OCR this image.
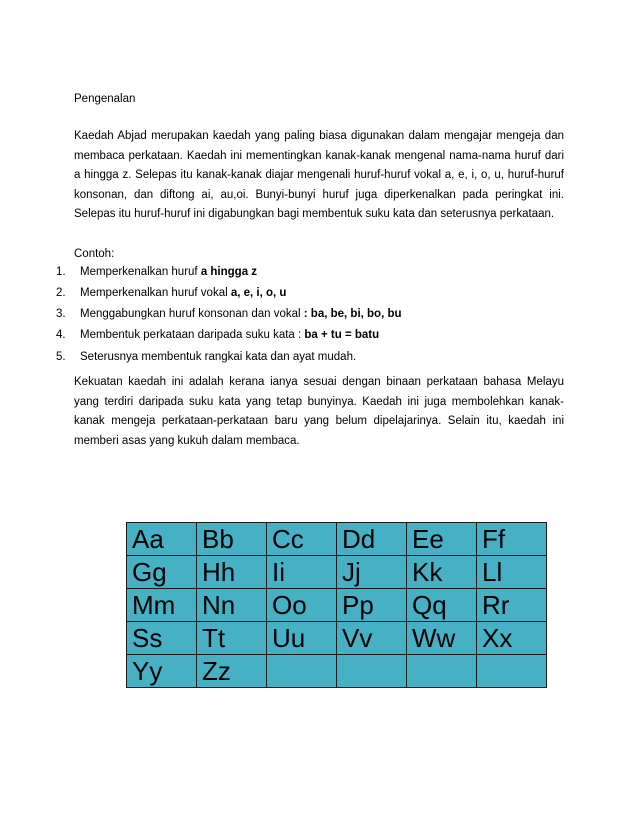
Pengenalan

Kaedah Abjad merupakan kaedah yang paling biasa digunakan dalam mengajar mengeja dan membaca perkataan. Kaedah ini mementingkan kanak-kanak mengenal nama-nama huruf dari a hingga z. Selepas itu kanak-kanak diajar mengenali huruf-huruf vokal a, e, i, o, u, huruf-huruf konsonan, dan diftong ai, au,oi. Bunyi-bunyi huruf juga diperkenalkan pada peringkat ini. Selepas itu huruf-huruf ini digabungkan bagi membentuk suku kata dan seterusnya perkataan.

Contoh:
1. Memperkenalkan huruf a hingga z
2. Memperkenalkan huruf vokal a, e, i, o, u
3. Menggabungkan huruf konsonan dan vokal : ba, be, bi, bo, bu
4. Membentuk perkataan daripada suku kata : ba + tu = batu
5. Seterusnya membentuk rangkai kata dan ayat mudah.

Kekuatan kaedah ini adalah kerana ianya sesuai dengan binaan perkataan bahasa Melayu yang terdiri daripada suku kata yang tetap bunyinya. Kaedah ini juga membolehkan kanak-kanak mengeja perkataan-perkataan baru yang belum dipelajarinya. Selain itu, kaedah ini memberi asas yang kukuh dalam membaca.

Aa	Bb	Cc	Dd	Ee	Ff
Gg	Hh	Ii	Jj	Kk	Ll
Mm	Nn	Oo	Pp	Qq	Rr
Ss	Tt	Uu	Vv	Ww	Xx
Yy	Zz				
